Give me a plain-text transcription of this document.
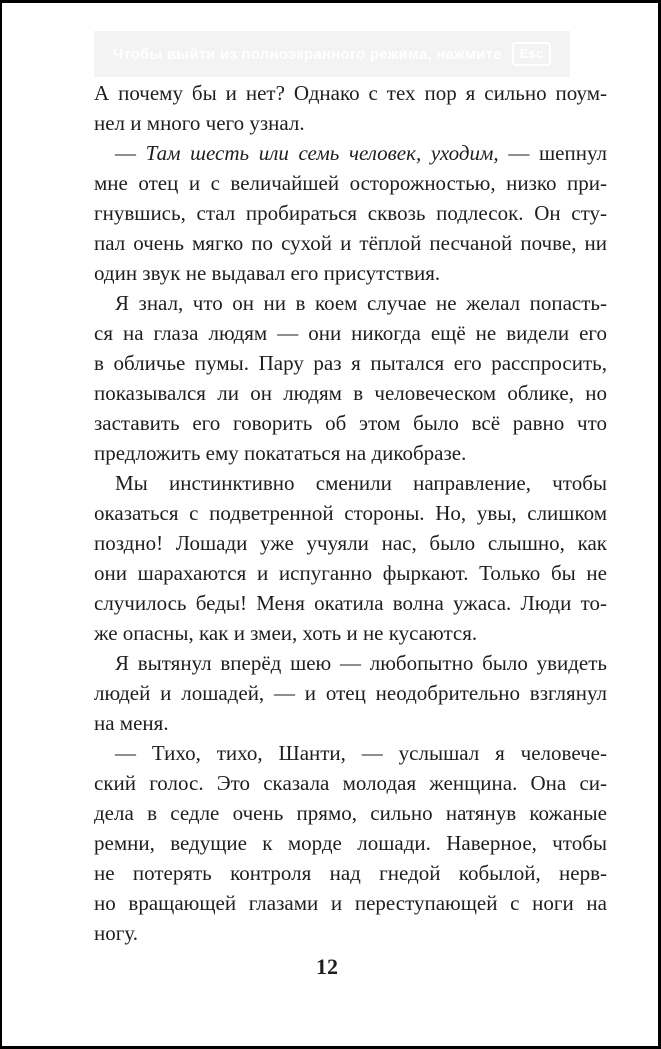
Чтобы выйти из полноэкранного режима, нажмите	Esc
А почему бы и нет? Однако с тех пор я сильно поум-
нел и много чего узнал.
— Там шесть или семь человек, уходим, — шепнул
мне отец и с величайшей осторожностью, низко при-
гнувшись, стал пробираться сквозь подлесок. Он сту-
пал очень мягко по сухой и тёплой песчаной почве, ни
один звук не выдавал его присутствия.
Я знал, что он ни в коем случае не желал попасть-
ся на глаза людям — они никогда ещё не видели его
в обличье пумы. Пару раз я пытался его расспросить,
показывался ли он людям в человеческом облике, но
заставить его говорить об этом было всё равно что
предложить ему покататься на дикобразе.
Мы инстинктивно сменили направление, чтобы
оказаться с подветренной стороны. Но, увы, слишком
поздно! Лошади уже учуяли нас, было слышно, как
они шарахаются и испуганно фыркают. Только бы не
случилось беды! Меня окатила волна ужаса. Люди то-
же опасны, как и змеи, хоть и не кусаются.
Я вытянул вперёд шею — любопытно было увидеть
людей и лошадей, — и отец неодобрительно взглянул
на меня.
— Тихо, тихо, Шанти, — услышал я человече-
ский голос. Это сказала молодая женщина. Она си-
дела в седле очень прямо, сильно натянув кожаные
ремни, ведущие к морде лошади. Наверное, чтобы
не потерять контроля над гнедой кобылой, нерв-
но вращающей глазами и переступающей с ноги на
ногу.
12
